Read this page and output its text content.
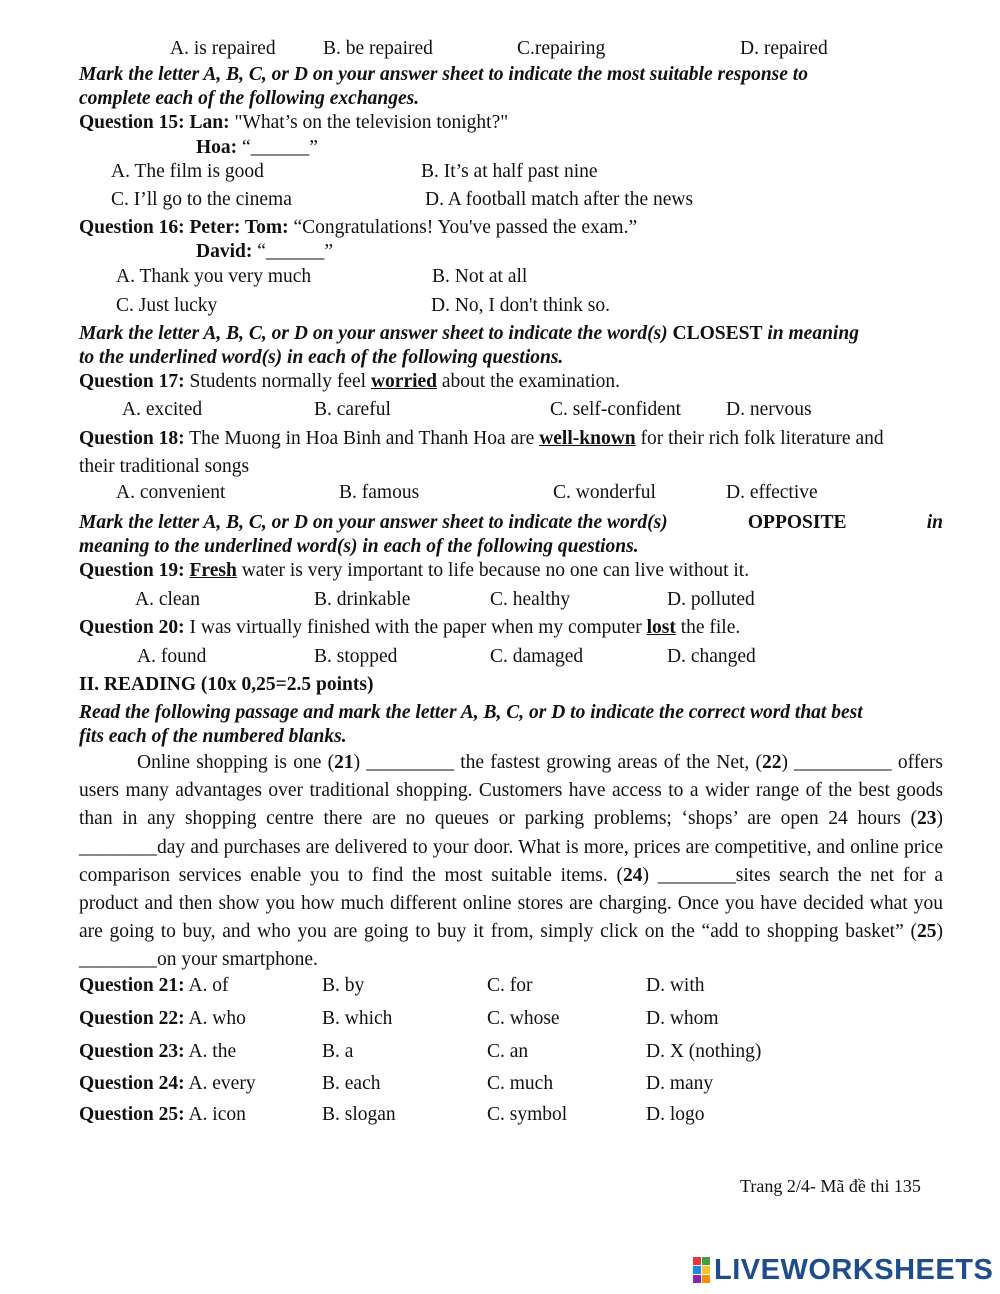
A. is repaired B. be repaired	C.repairing	D. repaired
Mark the letter A, B, C, or D on your answer sheet to indicate the most suitable response to
complete each of the following exchanges.
Question 15: Lan: "What’s on the television tonight?"
Hoa: “______”
A. The film is good	B. It’s at half past nine
C. I’ll go to the cinema	D. A football match after the news
Question 16: Peter: Tom: “Congratulations! You've passed the exam.”
David: “______”
A. Thank you very much	B. Not at all
C. Just lucky	D. No, I don't think so.
Mark the letter A, B, C, or D on your answer sheet to indicate the word(s) CLOSEST in meaning
to the underlined word(s) in each of the following questions.
Question 17: Students normally feel worried about the examination.
A. excited	B. careful	C. self-confident D. nervous
Question 18: The Muong in Hoa Binh and Thanh Hoa are well-known for their rich folk literature and
their traditional songs
A. convenient	B. famous	C. wonderful	D. effective
Mark the letter A, B, C, or D on your answer sheet to indicate the word(s)	OPPOSITE	in
meaning to the underlined word(s) in each of the following questions.
Question 19: Fresh water is very important to life because no one can live without it.
A. clean	B. drinkable	C. healthy	D. polluted
Question 20: I was virtually finished with the paper when my computer lost the file.
A. found	B. stopped	C. damaged	D. changed
II. READING (10x 0,25=2.5 points)
Read the following passage and mark the letter A, B, C, or D to indicate the correct word that best
fits each of the numbered blanks.
Online shopping is one (21) _________ the fastest growing areas of the Net, (22) __________ offers users many advantages over traditional shopping. Customers have access to a wider range of the best goods than in any shopping centre there are no queues or parking problems; ‘shops’ are open 24 hours (23) ________day and purchases are delivered to your door. What is more, prices are competitive, and online price comparison services enable you to find the most suitable items. (24) ________sites search the net for a product and then show you how much different online stores are charging. Once you have decided what you are going to buy, and who you are going to buy it from, simply click on the “add to shopping basket” (25) ________on your smartphone.
Question 21: A. of	B. by	C. for	D. with
Question 22: A. who	B. which	C. whose	D. whom
Question 23: A. the	B. a	C. an	D. X (nothing)
Question 24: A. every	B. each	C. much	D. many
Question 25: A. icon	B. slogan	C. symbol	D. logo
Trang 2/4- Mã đề thi 135
LIVEWORKSHEETS
